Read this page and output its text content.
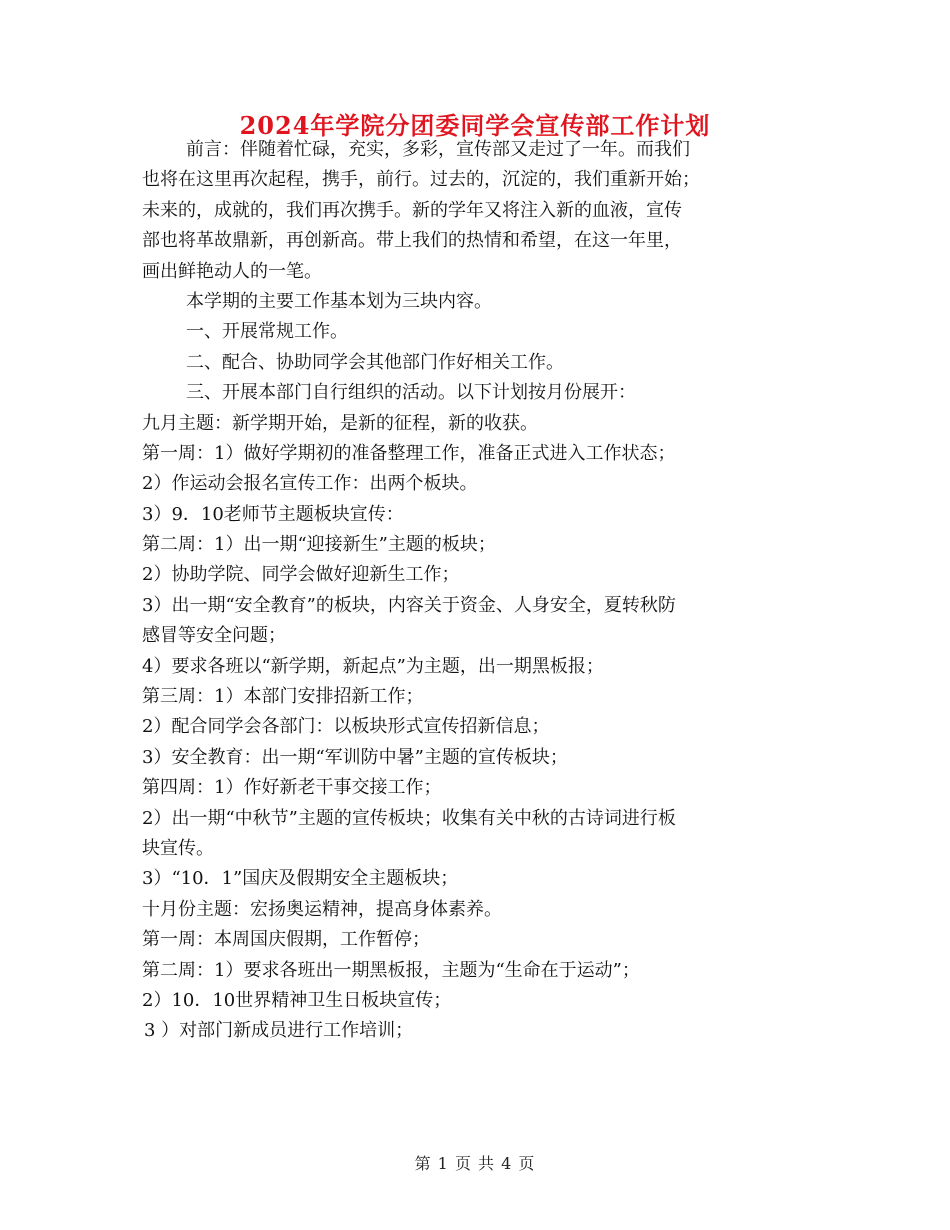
2024年学院分团委同学会宣传部工作计划
前言：伴随着忙碌，充实，多彩，宣传部又走过了一年。而我们
也将在这里再次起程，携手，前行。过去的，沉淀的，我们重新开始；
未来的，成就的，我们再次携手。新的学年又将注入新的血液，宣传
部也将革故鼎新，再创新高。带上我们的热情和希望，在这一年里，
画出鲜艳动人的一笔。
本学期的主要工作基本划为三块内容。
一、开展常规工作。
二、配合、协助同学会其他部门作好相关工作。
三、开展本部门自行组织的活动。以下计划按月份展开：
九月主题：新学期开始，是新的征程，新的收获。
第一周：1）做好学期初的准备整理工作，准备正式进入工作状态；
2）作运动会报名宣传工作：出两个板块。
3）9．10老师节主题板块宣传：
第二周：1）出一期“迎接新生”主题的板块；
2）协助学院、同学会做好迎新生工作；
3）出一期“安全教育”的板块，内容关于资金、人身安全，夏转秋防
感冒等安全问题；
4）要求各班以“新学期，新起点”为主题，出一期黑板报；
第三周：1）本部门安排招新工作；
2）配合同学会各部门：以板块形式宣传招新信息；
3）安全教育：出一期“军训防中暑”主题的宣传板块；
第四周：1）作好新老干事交接工作；
2）出一期“中秋节”主题的宣传板块；收集有关中秋的古诗词进行板
块宣传。
3）“10．1”国庆及假期安全主题板块；
十月份主题：宏扬奥运精神，提高身体素养。
第一周：本周国庆假期，工作暂停；
第二周：1）要求各班出一期黑板报，主题为“生命在于运动”；
2）10．10世界精神卫生日板块宣传；
3 ）对部门新成员进行工作培训；
第 1 页 共 4 页
